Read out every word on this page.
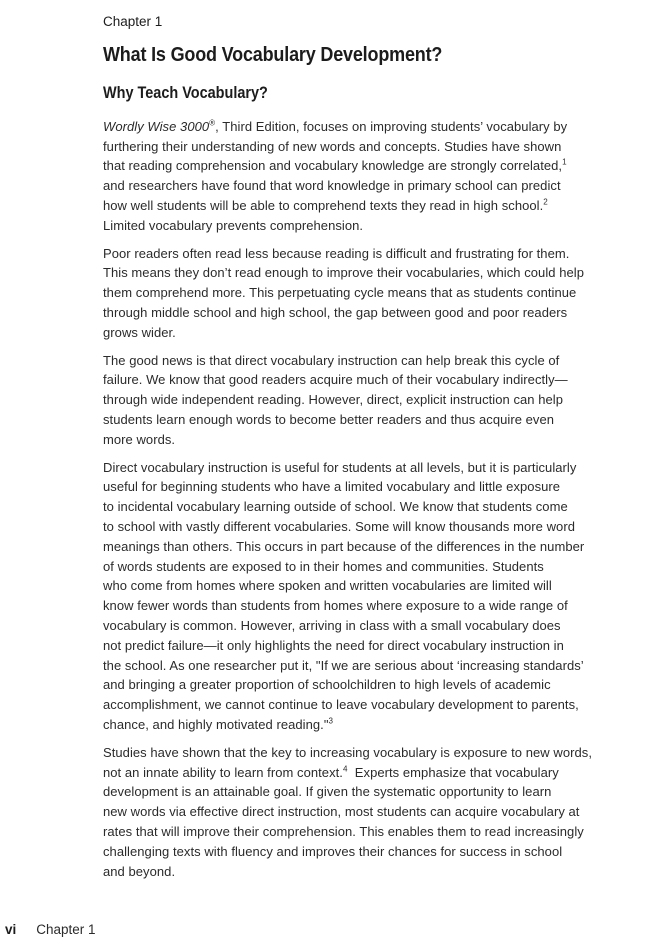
Chapter 1
What Is Good Vocabulary Development?
Why Teach Vocabulary?

Wordly Wise 3000®, Third Edition, focuses on improving students’ vocabulary by
furthering their understanding of new words and concepts. Studies have shown
that reading comprehension and vocabulary knowledge are strongly correlated,$^1$
and researchers have found that word knowledge in primary school can predict
how well students will be able to comprehend texts they read in high school.$^2$
Limited vocabulary prevents comprehension.

Poor readers often read less because reading is difficult and frustrating for them.
This means they don’t read enough to improve their vocabularies, which could help
them comprehend more. This perpetuating cycle means that as students continue
through middle school and high school, the gap between good and poor readers
grows wider.

The good news is that direct vocabulary instruction can help break this cycle of
failure. We know that good readers acquire much of their vocabulary indirectly—
through wide independent reading. However, direct, explicit instruction can help
students learn enough words to become better readers and thus acquire even
more words.

Direct vocabulary instruction is useful for students at all levels, but it is particularly
useful for beginning students who have a limited vocabulary and little exposure
to incidental vocabulary learning outside of school. We know that students come
to school with vastly different vocabularies. Some will know thousands more word
meanings than others. This occurs in part because of the differences in the number
of words students are exposed to in their homes and communities. Students
who come from homes where spoken and written vocabularies are limited will
know fewer words than students from homes where exposure to a wide range of
vocabulary is common. However, arriving in class with a small vocabulary does
not predict failure—it only highlights the need for direct vocabulary instruction in
the school. As one researcher put it, "If we are serious about ‘increasing standards’
and bringing a greater proportion of schoolchildren to high levels of academic
accomplishment, we cannot continue to leave vocabulary development to parents,
chance, and highly motivated reading."$^3$

Studies have shown that the key to increasing vocabulary is exposure to new words,
not an innate ability to learn from context.$^4$  Experts emphasize that vocabulary
development is an attainable goal. If given the systematic opportunity to learn
new words via effective direct instruction, most students can acquire vocabulary at
rates that will improve their comprehension. This enables them to read increasingly
challenging texts with fluency and improves their chances for success in school
and beyond.

vi Chapter 1
